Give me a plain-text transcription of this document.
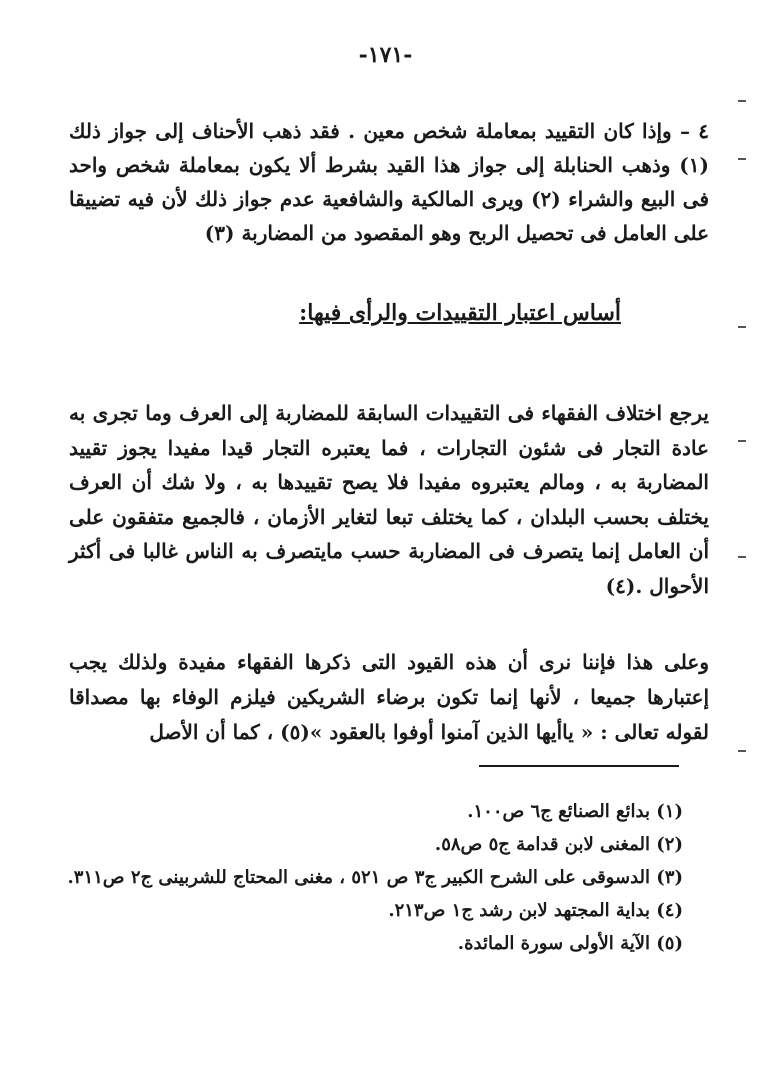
-١٧١-

٤ – وإذا كان التقييد بمعاملة شخص معين . فقد ذهب الأحناف إلى جواز ذلك (١) وذهب الحنابلة إلى جواز هذا القيد بشرط ألا يكون بمعاملة شخص واحد فى البيع والشراء (٢) ويرى المالكية والشافعية عدم جواز ذلك لأن فيه تضييقا على العامل فى تحصيل الربح وهو المقصود من المضاربة (٣)

أساس اعتبار التقييدات والرأى فيها:

يرجع اختلاف الفقهاء فى التقييدات السابقة للمضاربة إلى العرف وما تجرى به عادة التجار فى شئون التجارات ، فما يعتبره التجار قيدا مفيدا يجوز تقييد المضاربة به ، ومالم يعتبروه مفيدا فلا يصح تقييدها به ، ولا شك أن العرف يختلف بحسب البلدان ، كما يختلف تبعا لتغاير الأزمان ، فالجميع متفقون على أن العامل إنما يتصرف فى المضاربة حسب مايتصرف به الناس غالبا فى أكثر الأحوال .(٤)

وعلى هذا فإننا نرى أن هذه القيود التى ذكرها الفقهاء مفيدة ولذلك يجب إعتبارها جميعا ، لأنها إنما تكون برضاء الشريكين فيلزم الوفاء بها مصداقا لقوله تعالى : « ياأيها الذين آمنوا أوفوا بالعقود »(٥) ، كما أن الأصل

(١) بدائع الصنائع ج٦ ص١٠٠.

(٢) المغنى لابن قدامة ج٥ ص٥٨.

(٣) الدسوقى على الشرح الكبير ج٣ ص ٥٢١ ، مغنى المحتاج للشربينى ج٢ ص٣١١.

(٤) بداية المجتهد لابن رشد ج١ ص٢١٣.

(٥) الآية الأولى سورة المائدة.
